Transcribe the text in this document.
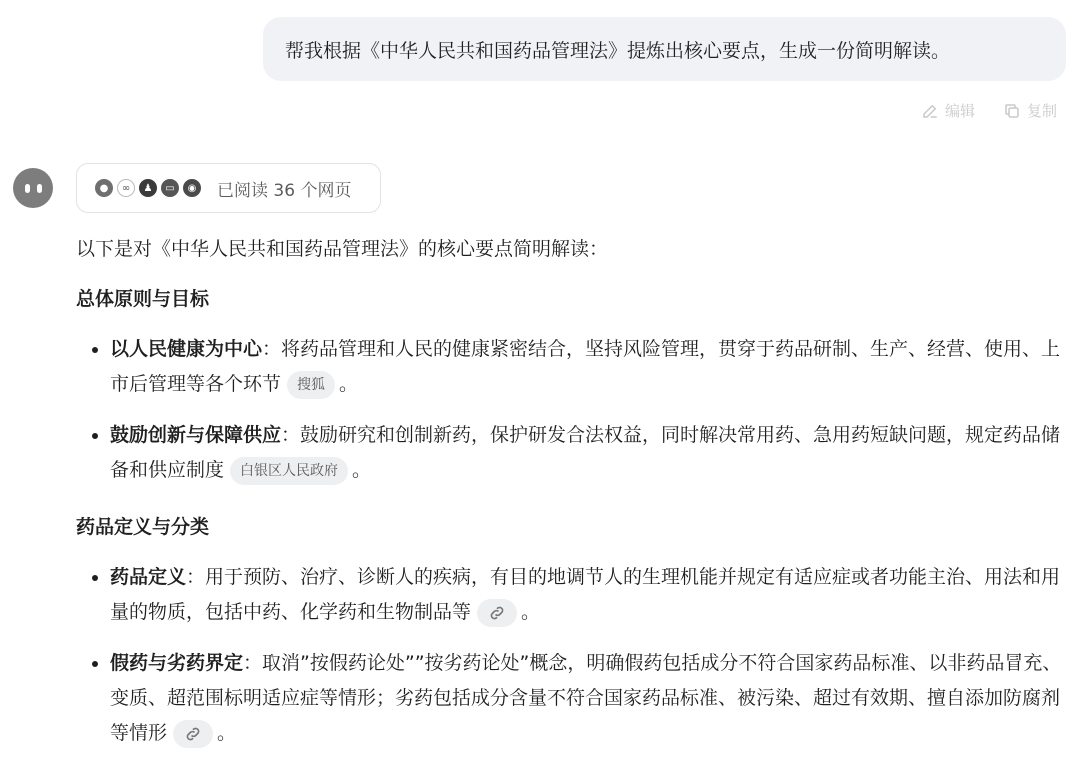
帮我根据《中华人民共和国药品管理法》提炼出核心要点，生成一份简明解读。
编辑	复制
●	∞	♟	▭	◉ 已阅读 36 个网页
以下是对《中华人民共和国药品管理法》的核心要点简明解读：
总体原则与目标
以人民健康为中心：将药品管理和人民的健康紧密结合，坚持风险管理，贯穿于药品研制、生产、经营、使用、上市后管理等各个环节 搜狐 。
鼓励创新与保障供应：鼓励研究和创制新药，保护研发合法权益，同时解决常用药、急用药短缺问题，规定药品储备和供应制度 白银区人民政府 。
药品定义与分类
药品定义：用于预防、治疗、诊断人的疾病，有目的地调节人的生理机能并规定有适应症或者功能主治、用法和用量的物质，包括中药、化学药和生物制品等	。
假药与劣药界定：取消”按假药论处””按劣药论处”概念，明确假药包括成分不符合国家药品标准、以非药品冒充、变质、超范围标明适应症等情形；劣药包括成分含量不符合国家药品标准、被污染、超过有效期、擅自添加防腐剂等情形	。
